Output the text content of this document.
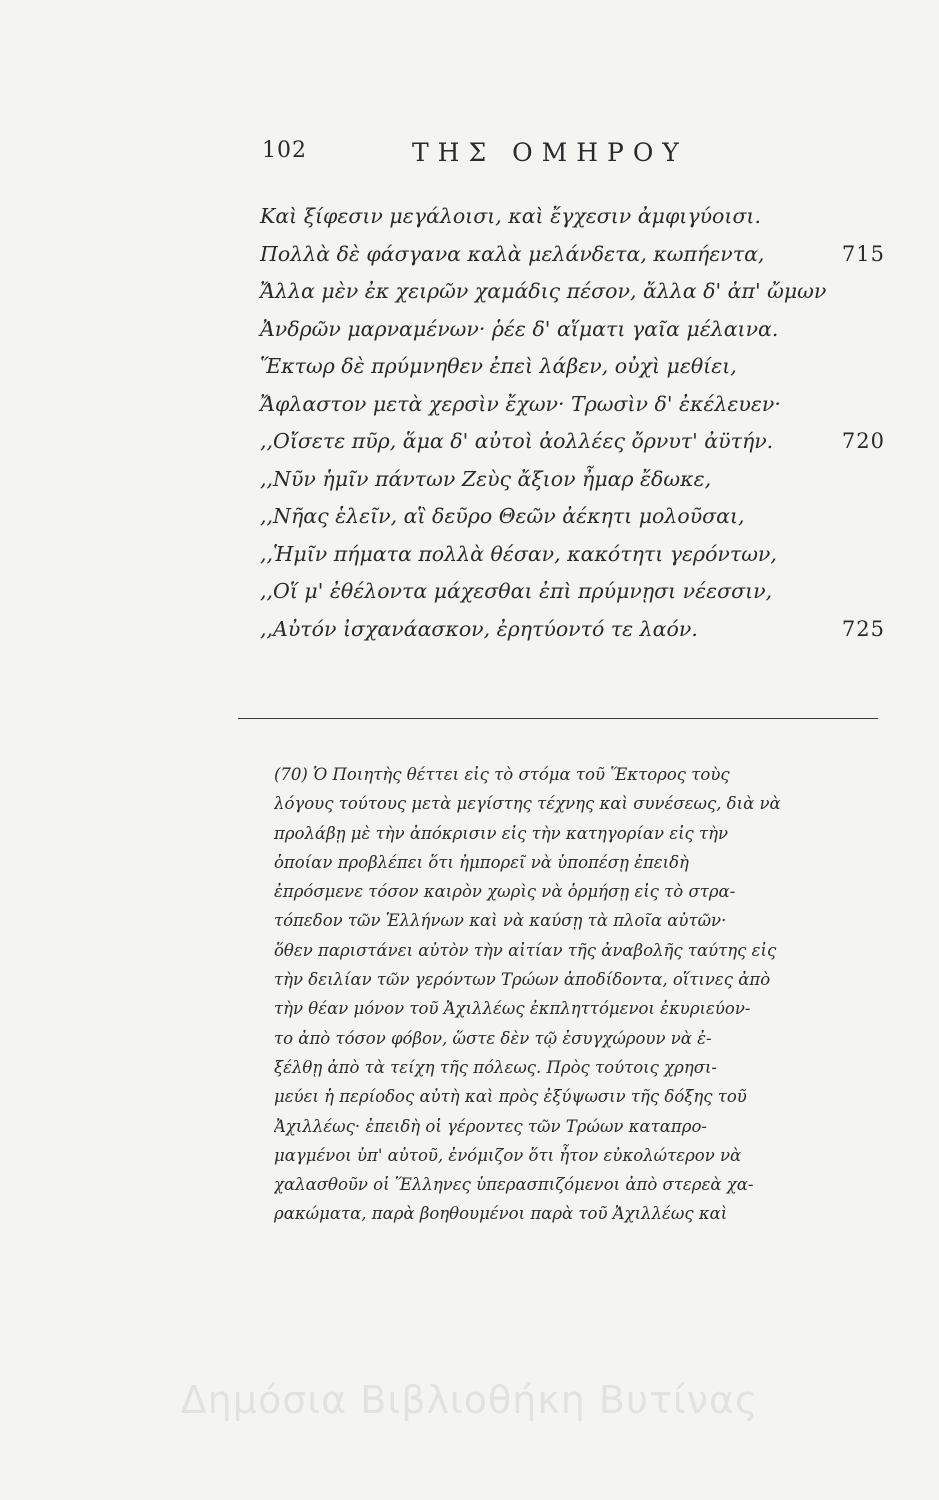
102	ΤΗΣ ΟΜΗΡΟΥ
Καὶ ξίφεσιν μεγάλοισι, καὶ ἔγχεσιν ἀμφιγύοισι.
Πολλὰ δὲ φάσγανα καλὰ μελάνδετα, κωπήεντα,	715
Ἄλλα μὲν ἐκ χειρῶν χαμάδις πέσον, ἄλλα δ' ἀπ' ὤμων
Ἀνδρῶν μαρναμένων· ῥέε δ' αἵματι γαῖα μέλαινα.
Ἕκτωρ δὲ πρύμνηθεν ἐπεὶ λάβεν, οὐχὶ μεθίει,
Ἄφλαστον μετὰ χερσὶν ἔχων· Τρωσὶν δ' ἐκέλευεν·
,,Οἴσετε πῦρ, ἅμα δ' αὐτοὶ ἀολλέες ὄρνυτ' ἀϋτήν.	720
,,Νῦν ἡμῖν πάντων Ζεὺς ἄξιον ἦμαρ ἔδωκε,
,,Νῆας ἑλεῖν, αἳ δεῦρο Θεῶν ἀέκητι μολοῦσαι,
,,Ἡμῖν πήματα πολλὰ θέσαν, κακότητι γερόντων,
,,Οἵ μ' ἐθέλοντα μάχεσθαι ἐπὶ πρύμνῃσι νέεσσιν,
,,Αὐτόν ἰσχανάασκον, ἐρητύοντό τε λαόν.	725
(70) Ὁ Ποιητὴς θέττει εἰς τὸ στόμα τοῦ Ἕκτορος τοὺς
λόγους τούτους μετὰ μεγίστης τέχνης καὶ συνέσεως, διὰ νὰ
προλάβῃ μὲ τὴν ἀπόκρισιν εἰς τὴν κατηγορίαν εἰς τὴν
ὁποίαν προβλέπει ὅτι ἠμπορεῖ νὰ ὑποπέσῃ ἐπειδὴ
ἐπρόσμενε τόσον καιρὸν χωρὶς νὰ ὁρμήσῃ εἰς τὸ στρα-
τόπεδον τῶν Ἑλλήνων καὶ νὰ καύσῃ τὰ πλοῖα αὐτῶν·
ὅθεν παριστάνει αὐτὸν τὴν αἰτίαν τῆς ἀναβολῆς ταύτης εἰς
τὴν δειλίαν τῶν γερόντων Τρώων ἀποδίδοντα, οἵτινες ἀπὸ
τὴν θέαν μόνον τοῦ Ἀχιλλέως ἐκπληττόμενοι ἐκυριεύον-
το ἀπὸ τόσον φόβον, ὥστε δὲν τῷ ἐσυγχώρουν νὰ ἐ-
ξέλθῃ ἀπὸ τὰ τείχη τῆς πόλεως. Πρὸς τούτοις χρησι-
μεύει ἡ περίοδος αὐτὴ καὶ πρὸς ἐξύψωσιν τῆς δόξης τοῦ
Ἀχιλλέως· ἐπειδὴ οἱ γέροντες τῶν Τρώων καταπρο-
μαγμένοι ὑπ' αὐτοῦ, ἐνόμιζον ὅτι ἦτον εὐκολώτερον νὰ
χαλασθοῦν οἱ Ἕλληνες ὑπερασπιζόμενοι ἀπὸ στερεὰ χα-
ρακώματα, παρὰ βοηθουμένοι παρὰ τοῦ Ἀχιλλέως καὶ
Δημόσια Βιβλιοθήκη Βυτίνας
